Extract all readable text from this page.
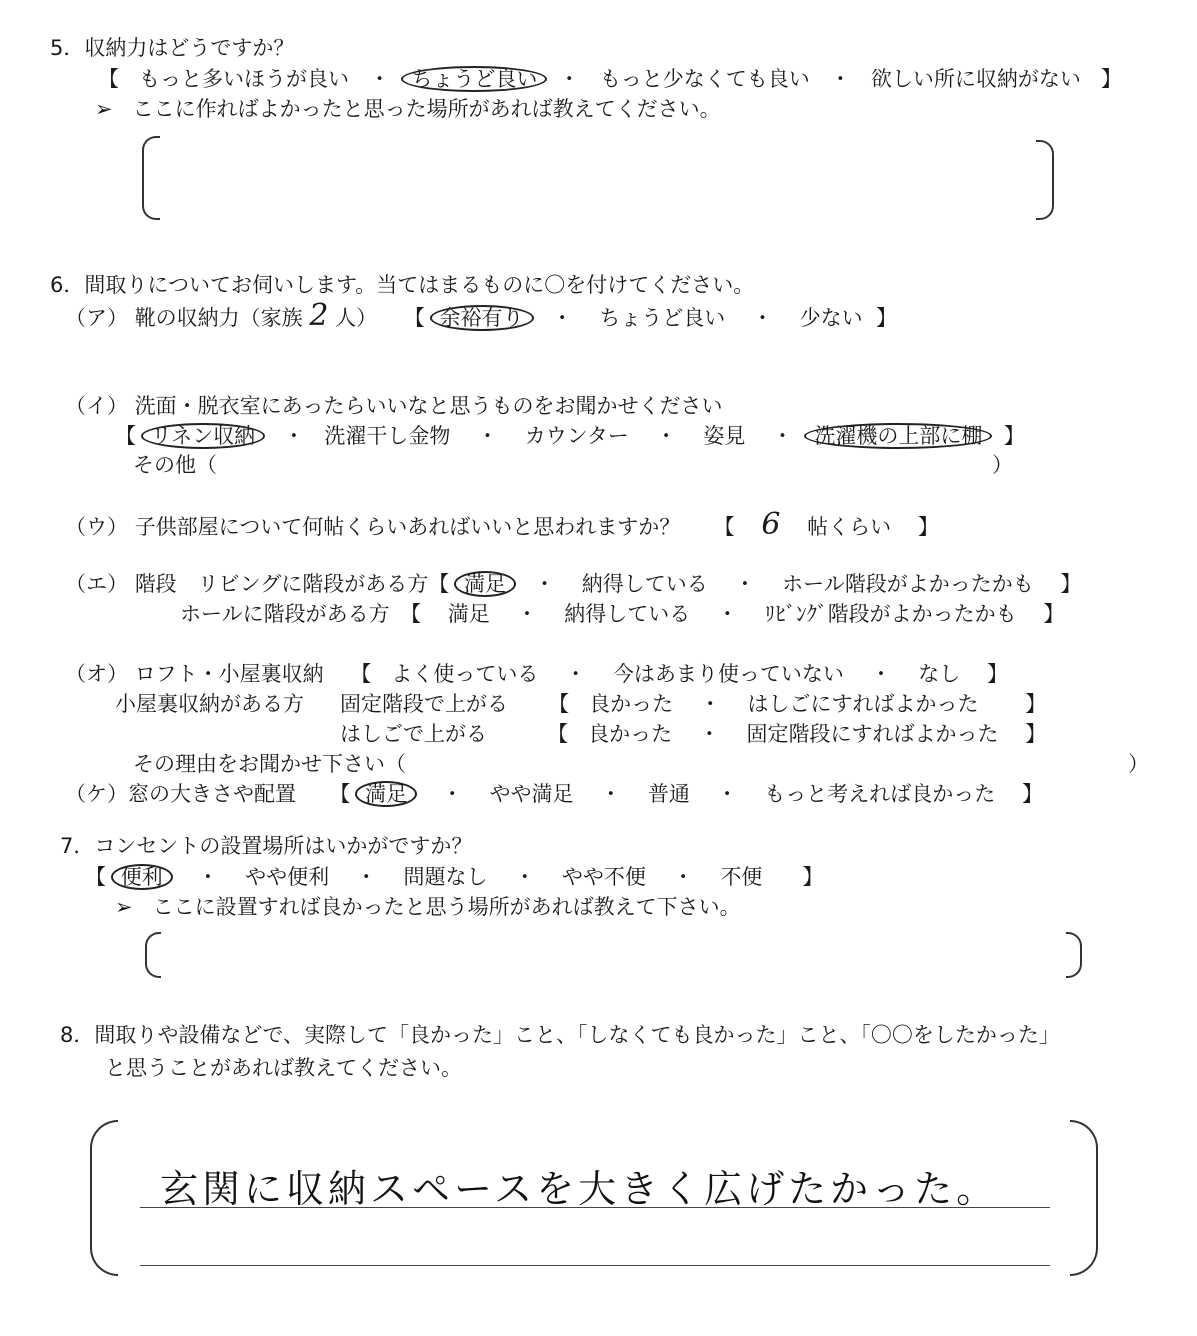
5．収納力はどうですか？
【 もっと多いほうが良い ・ ちょうど良い ・ もっと少なくても良い ・ 欲しい所に収納がない 】
➢ ここに作ればよかったと思った場所があれば教えてください。
6．間取りについてお伺いします。当てはまるものに〇を付けてください。
（ア） 靴の収納力（家族 2 人） 【 余裕有り ・ ちょうど良い ・ 少ない 】
（イ） 洗面・脱衣室にあったらいいなと思うものをお聞かせください
【 リネン収納 ・ 洗濯干し金物 ・ カウンター ・ 姿見 ・ 洗濯機の上部に棚 】
その他（	）
（ウ） 子供部屋について何帖くらいあればいいと思われますか？ 【 6 帖くらい 】
（エ） 階段　リビングに階段がある方【 満足 ・ 納得している ・ ホール階段がよかったかも 】
ホールに階段がある方　【 満足 ・ 納得している ・ ﾘﾋﾞﾝｸﾞ階段がよかったかも 】
（オ） ロフト・小屋裏収納 【 よく使っている ・ 今はあまり使っていない ・ なし 】
小屋裏収納がある方 固定階段で上がる 【 良かった ・ はしごにすればよかった 】
はしごで上がる	【 良かった ・ 固定階段にすればよかった 】
その理由をお聞かせ下さい（	）
（ケ）窓の大きさや配置 【 満足 ・ やや満足 ・ 普通 ・ もっと考えれば良かった 】
7．コンセントの設置場所はいかがですか？
【 便利 ・ やや便利 ・ 問題なし ・ やや不便 ・ 不便 】
➢ ここに設置すれば良かったと思う場所があれば教えて下さい。
8．間取りや設備などで、実際して「良かった」こと、「しなくても良かった」こと、「〇〇をしたかった」
と思うことがあれば教えてください。
玄関に収納スペースを大きく広げたかった。
